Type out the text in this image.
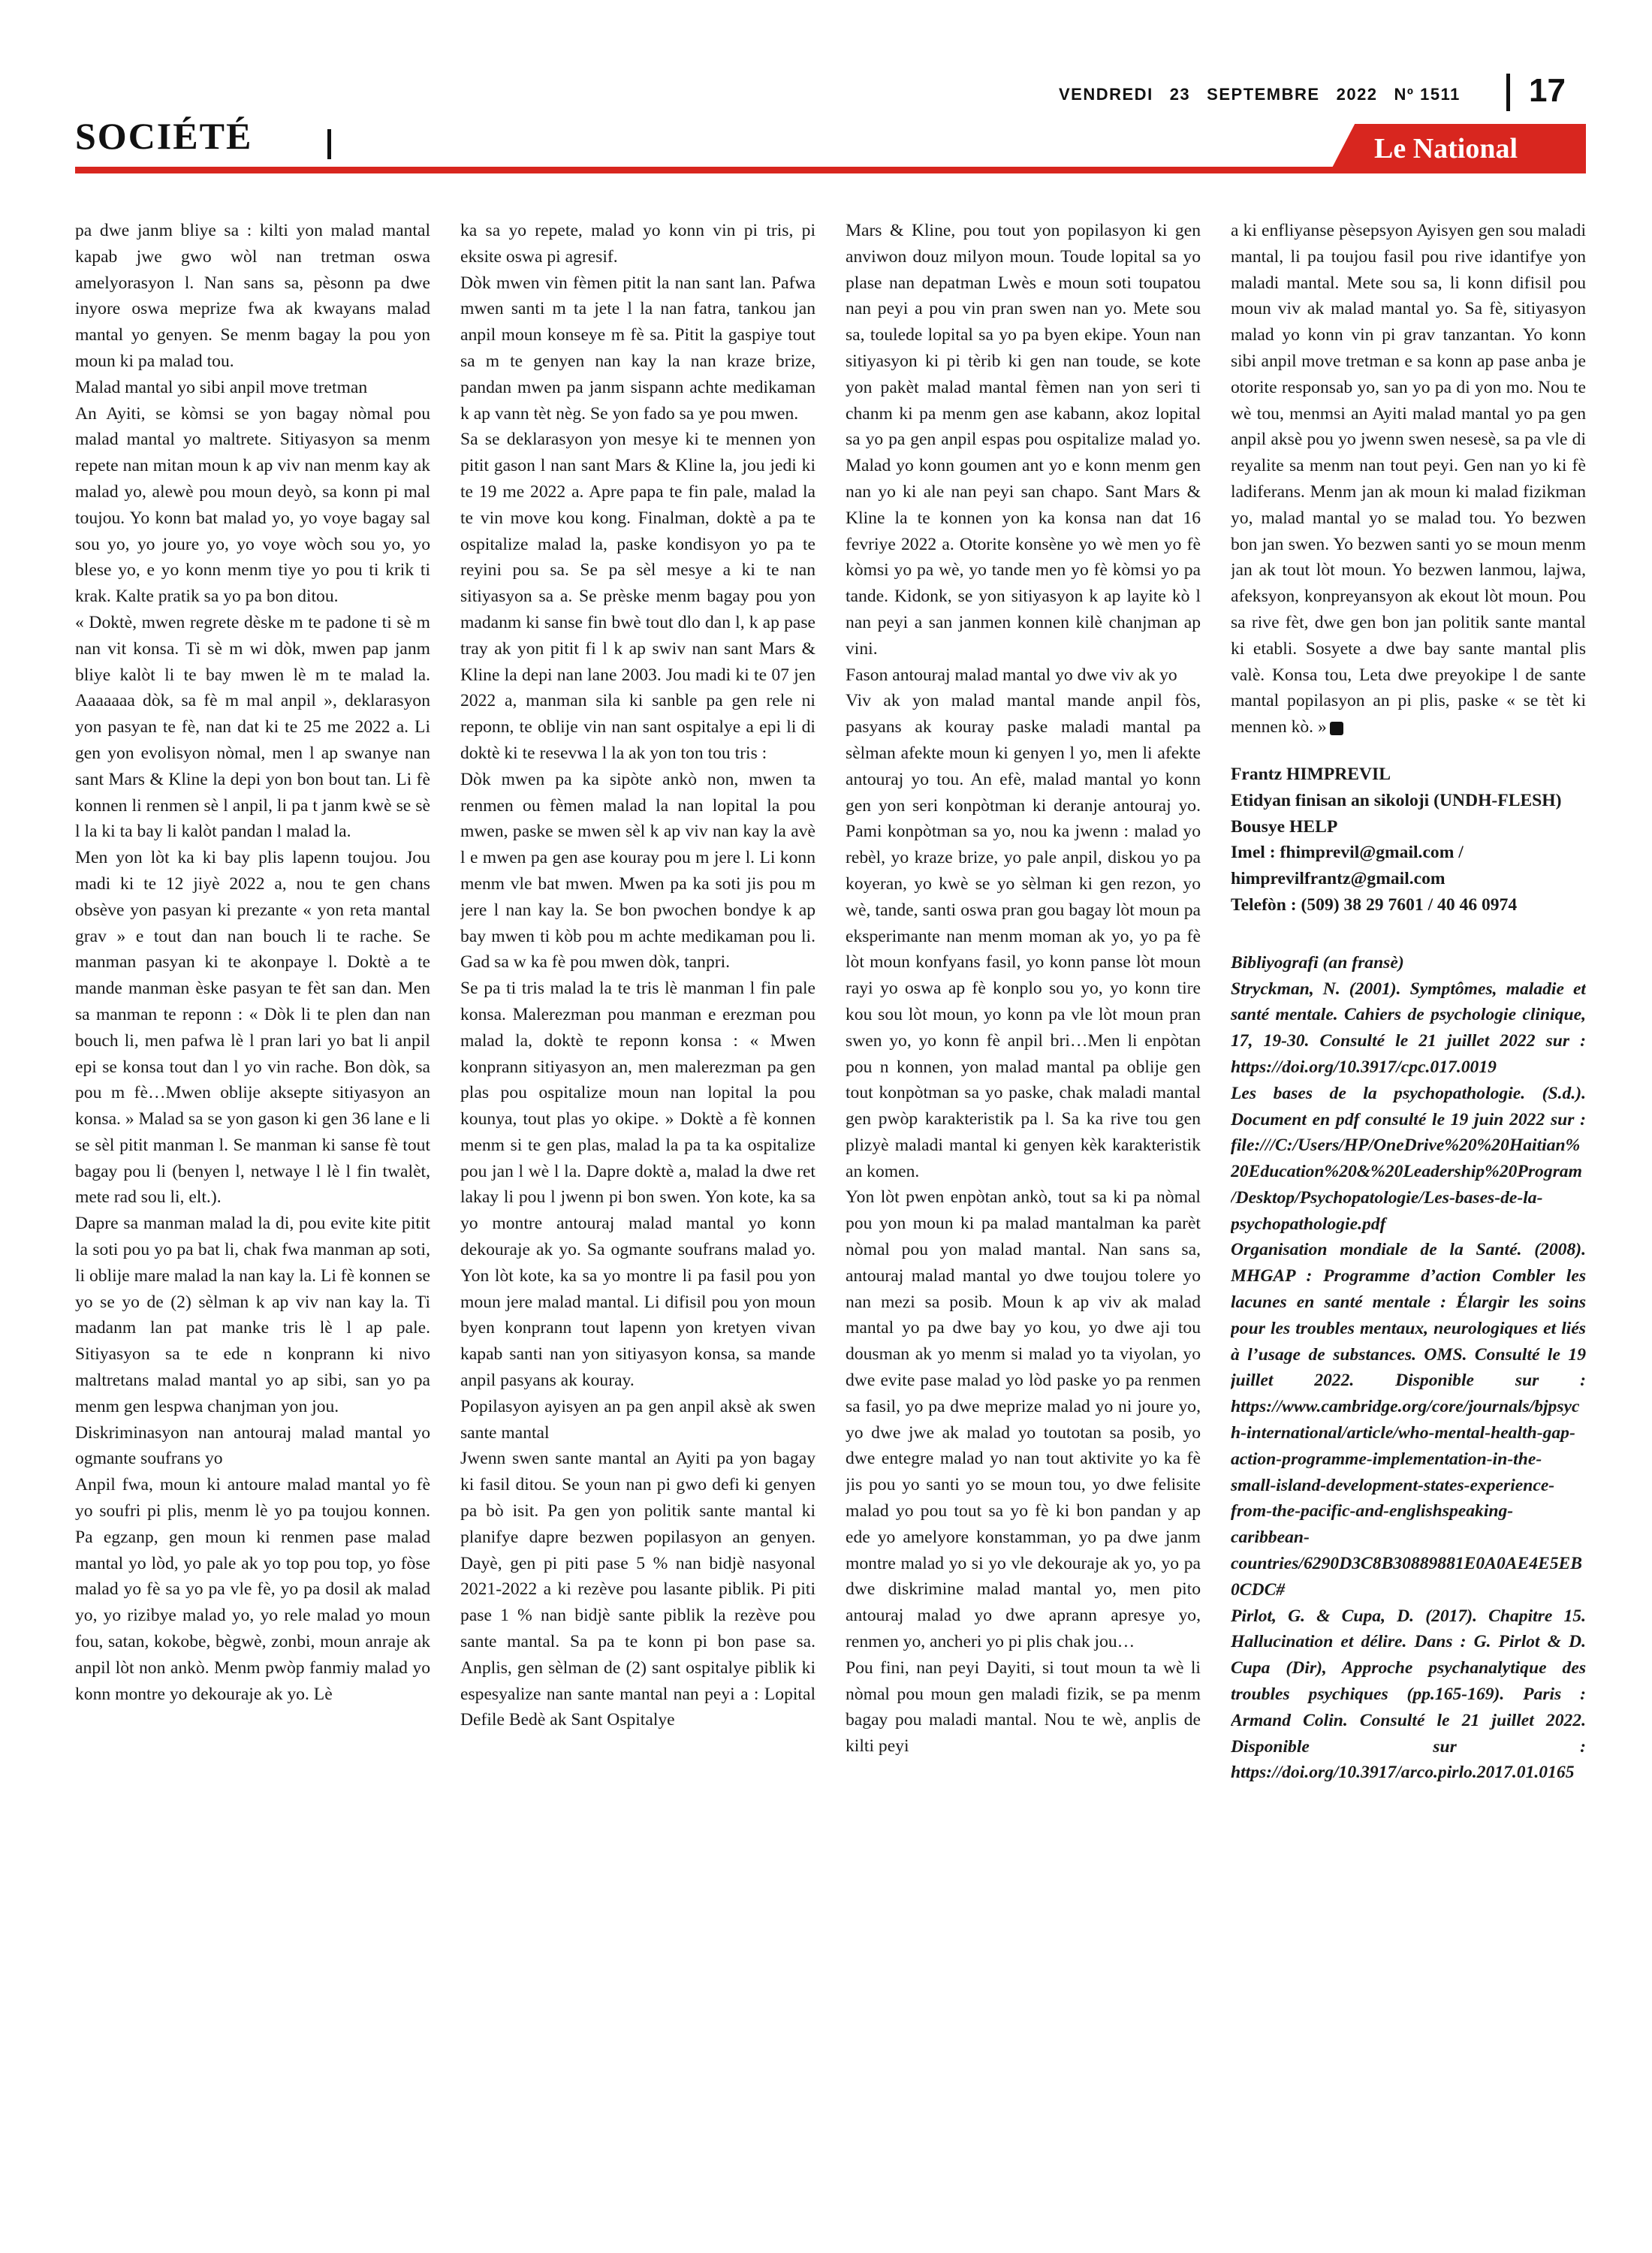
SOCIÉTÉ
VENDREDI 23 SEPTEMBRE 2022 Nº 1511	17
Le National

pa dwe janm bliye sa : kilti yon malad mantal kapab jwe gwo wòl nan tretman oswa amelyorasyon l. Nan sans sa, pèsonn pa dwe inyore oswa meprize fwa ak kwayans malad mantal yo genyen. Se menm bagay la pou yon moun ki pa malad tou.

Malad mantal yo sibi anpil move tretman

An Ayiti, se kòmsi se yon bagay nòmal pou malad mantal yo maltrete. Sitiyasyon sa menm repete nan mitan moun k ap viv nan menm kay ak malad yo, alewè pou moun deyò, sa konn pi mal toujou. Yo konn bat malad yo, yo voye bagay sal sou yo, yo joure yo, yo voye wòch sou yo, yo blese yo, e yo konn menm tiye yo pou ti krik ti krak. Kalte pratik sa yo pa bon ditou.

« Doktè, mwen regrete dèske m te padone ti sè m nan vit konsa. Ti sè m wi dòk, mwen pap janm bliye kalòt li te bay mwen lè m te malad la. Aaaaaaa dòk, sa fè m mal anpil », deklarasyon yon pasyan te fè, nan dat ki te 25 me 2022 a. Li gen yon evolisyon nòmal, men l ap swanye nan sant Mars & Kline la depi yon bon bout tan. Li fè konnen li renmen sè l anpil, li pa t janm kwè se sè l la ki ta bay li kalòt pandan l malad la.

Men yon lòt ka ki bay plis lapenn toujou. Jou madi ki te 12 jiyè 2022 a, nou te gen chans obsève yon pasyan ki prezante « yon reta mantal grav » e tout dan nan bouch li te rache. Se manman pasyan ki te akonpaye l. Doktè a te mande manman èske pasyan te fèt san dan. Men sa manman te reponn : « Dòk li te plen dan nan bouch li, men pafwa lè l pran lari yo bat li anpil epi se konsa tout dan l yo vin rache. Bon dòk, sa pou m fè…Mwen oblije aksepte sitiyasyon an konsa. » Malad sa se yon gason ki gen 36 lane e li se sèl pitit manman l. Se manman ki sanse fè tout bagay pou li (benyen l, netwaye l lè l fin twalèt, mete rad sou li, elt.).

Dapre sa manman malad la di, pou evite kite pitit la soti pou yo pa bat li, chak fwa manman ap soti, li oblije mare malad la nan kay la. Li fè konnen se yo se yo de (2) sèlman k ap viv nan kay la. Ti madanm lan pat manke tris lè l ap pale. Sitiyasyon sa te ede n konprann ki nivo maltretans malad mantal yo ap sibi, san yo pa menm gen lespwa chanjman yon jou.

Diskriminasyon nan antouraj malad mantal yo ogmante soufrans yo

Anpil fwa, moun ki antoure malad mantal yo fè yo soufri pi plis, menm lè yo pa toujou konnen. Pa egzanp, gen moun ki renmen pase malad mantal yo lòd, yo pale ak yo top pou top, yo fòse malad yo fè sa yo pa vle fè, yo pa dosil ak malad yo, yo rizibye malad yo, yo rele malad yo moun fou, satan, kokobe, bègwè, zonbi, moun anraje ak anpil lòt non ankò. Menm pwòp fanmiy malad yo konn montre yo dekouraje ak yo. Lè

ka sa yo repete, malad yo konn vin pi tris, pi eksite oswa pi agresif.

Dòk mwen vin fèmen pitit la nan sant lan. Pafwa mwen santi m ta jete l la nan fatra, tankou jan anpil moun konseye m fè sa. Pitit la gaspiye tout sa m te genyen nan kay la nan kraze brize, pandan mwen pa janm sispann achte medikaman k ap vann tèt nèg. Se yon fado sa ye pou mwen.

Sa se deklarasyon yon mesye ki te mennen yon pitit gason l nan sant Mars & Kline la, jou jedi ki te 19 me 2022 a. Apre papa te fin pale, malad la te vin move kou kong. Finalman, doktè a pa te ospitalize malad la, paske kondisyon yo pa te reyini pou sa. Se pa sèl mesye a ki te nan sitiyasyon sa a. Se prèske menm bagay pou yon madanm ki sanse fin bwè tout dlo dan l, k ap pase tray ak yon pitit fi l k ap swiv nan sant Mars & Kline la depi nan lane 2003. Jou madi ki te 07 jen 2022 a, manman sila ki sanble pa gen rele ni reponn, te oblije vin nan sant ospitalye a epi li di doktè ki te resevwa l la ak yon ton tou tris :

Dòk mwen pa ka sipòte ankò non, mwen ta renmen ou fèmen malad la nan lopital la pou mwen, paske se mwen sèl k ap viv nan kay la avè l e mwen pa gen ase kouray pou m jere l. Li konn menm vle bat mwen. Mwen pa ka soti jis pou m jere l nan kay la. Se bon pwochen bondye k ap bay mwen ti kòb pou m achte medikaman pou li. Gad sa w ka fè pou mwen dòk, tanpri.

Se pa ti tris malad la te tris lè manman l fin pale konsa. Malerezman pou manman e erezman pou malad la, doktè te reponn konsa : « Mwen konprann sitiyasyon an, men malerezman pa gen plas pou ospitalize moun nan lopital la pou kounya, tout plas yo okipe. » Doktè a fè konnen menm si te gen plas, malad la pa ta ka ospitalize pou jan l wè l la. Dapre doktè a, malad la dwe ret lakay li pou l jwenn pi bon swen. Yon kote, ka sa yo montre antouraj malad mantal yo konn dekouraje ak yo. Sa ogmante soufrans malad yo. Yon lòt kote, ka sa yo montre li pa fasil pou yon moun jere malad mantal. Li difisil pou yon moun byen konprann tout lapenn yon kretyen vivan kapab santi nan yon sitiyasyon konsa, sa mande anpil pasyans ak kouray.

Popilasyon ayisyen an pa gen anpil aksè ak swen sante mantal

Jwenn swen sante mantal an Ayiti pa yon bagay ki fasil ditou. Se youn nan pi gwo defi ki genyen pa bò isit. Pa gen yon politik sante mantal ki planifye dapre bezwen popilasyon an genyen. Dayè, gen pi piti pase 5 % nan bidjè nasyonal 2021-2022 a ki rezève pou lasante piblik. Pi piti pase 1 % nan bidjè sante piblik la rezève pou sante mantal. Sa pa te konn pi bon pase sa. Anplis, gen sèlman de (2) sant ospitalye piblik ki espesyalize nan sante mantal nan peyi a : Lopital Defile Bedè ak Sant Ospitalye

Mars & Kline, pou tout yon popilasyon ki gen anviwon douz milyon moun. Toude lopital sa yo plase nan depatman Lwès e moun soti toupatou nan peyi a pou vin pran swen nan yo. Mete sou sa, toulede lopital sa yo pa byen ekipe. Youn nan sitiyasyon ki pi tèrib ki gen nan toude, se kote yon pakèt malad mantal fèmen nan yon seri ti chanm ki pa menm gen ase kabann, akoz lopital sa yo pa gen anpil espas pou ospitalize malad yo. Malad yo konn goumen ant yo e konn menm gen nan yo ki ale nan peyi san chapo. Sant Mars & Kline la te konnen yon ka konsa nan dat 16 fevriye 2022 a. Otorite konsène yo wè men yo fè kòmsi yo pa wè, yo tande men yo fè kòmsi yo pa tande. Kidonk, se yon sitiyasyon k ap layite kò l nan peyi a san janmen konnen kilè chanjman ap vini.

Fason antouraj malad mantal yo dwe viv ak yo

Viv ak yon malad mantal mande anpil fòs, pasyans ak kouray paske maladi mantal pa sèlman afekte moun ki genyen l yo, men li afekte antouraj yo tou. An efè, malad mantal yo konn gen yon seri konpòtman ki deranje antouraj yo. Pami konpòtman sa yo, nou ka jwenn : malad yo rebèl, yo kraze brize, yo pale anpil, diskou yo pa koyeran, yo kwè se yo sèlman ki gen rezon, yo wè, tande, santi oswa pran gou bagay lòt moun pa eksperimante nan menm moman ak yo, yo pa fè lòt moun konfyans fasil, yo konn panse lòt moun rayi yo oswa ap fè konplo sou yo, yo konn tire kou sou lòt moun, yo konn pa vle lòt moun pran swen yo, yo konn fè anpil bri…Men li enpòtan pou n konnen, yon malad mantal pa oblije gen tout konpòtman sa yo paske, chak maladi mantal gen pwòp karakteristik pa l. Sa ka rive tou gen plizyè maladi mantal ki genyen kèk karakteristik an komen.

Yon lòt pwen enpòtan ankò, tout sa ki pa nòmal pou yon moun ki pa malad mantalman ka parèt nòmal pou yon malad mantal. Nan sans sa, antouraj malad mantal yo dwe toujou tolere yo nan mezi sa posib. Moun k ap viv ak malad mantal yo pa dwe bay yo kou, yo dwe aji tou dousman ak yo menm si malad yo ta viyolan, yo dwe evite pase malad yo lòd paske yo pa renmen sa fasil, yo pa dwe meprize malad yo ni joure yo, yo dwe jwe ak malad yo toutotan sa posib, yo dwe entegre malad yo nan tout aktivite yo ka fè jis pou yo santi yo se moun tou, yo dwe felisite malad yo pou tout sa yo fè ki bon pandan y ap ede yo amelyore konstamman, yo pa dwe janm montre malad yo si yo vle dekouraje ak yo, yo pa dwe diskrimine malad mantal yo, men pito antouraj malad yo dwe aprann apresye yo, renmen yo, ancheri yo pi plis chak jou…

Pou fini, nan peyi Dayiti, si tout moun ta wè li nòmal pou moun gen maladi fizik, se pa menm bagay pou maladi mantal. Nou te wè, anplis de kilti peyi

a ki enfliyanse pèsepsyon Ayisyen gen sou maladi mantal, li pa toujou fasil pou rive idantifye yon maladi mantal. Mete sou sa, li konn difisil pou moun viv ak malad mantal yo. Sa fè, sitiyasyon malad yo konn vin pi grav tanzantan. Yo konn sibi anpil move tretman e sa konn ap pase anba je otorite responsab yo, san yo pa di yon mo. Nou te wè tou, menmsi an Ayiti malad mantal yo pa gen anpil aksè pou yo jwenn swen nesesè, sa pa vle di reyalite sa menm nan tout peyi. Gen nan yo ki fè ladiferans. Menm jan ak moun ki malad fizikman yo, malad mantal yo se malad tou. Yo bezwen bon jan swen. Yo bezwen santi yo se moun menm jan ak tout lòt moun. Yo bezwen lanmou, lajwa, afeksyon, konpreyansyon ak ekout lòt moun. Pou sa rive fèt, dwe gen bon jan politik sante mantal ki etabli. Sosyete a dwe bay sante mantal plis valè. Konsa tou, Leta dwe preyokipe l de sante mantal popilasyon an pi plis, paske « se tèt ki mennen kò. »

Frantz HIMPREVIL
Etidyan finisan an sikoloji (UNDH-FLESH)
Bousye HELP
Imel : fhimprevil@gmail.com / himprevilfrantz@gmail.com
Telefòn : (509) 38 29 7601 / 40 46 0974

Bibliyografi (an fransè)

Stryckman, N. (2001). Symptômes, maladie et santé mentale. Cahiers de psychologie clinique, 17, 19-30. Consulté le 21 juillet 2022 sur : https://doi.org/10.3917/cpc.017.0019

Les bases de la psychopathologie. (S.d.). Document en pdf consulté le 19 juin 2022 sur : file:///C:/Users/HP/OneDrive%20%20Haitian%20Education%20&%20Leadership%20Program/Desktop/Psychopatologie/Les-bases-de-la-psychopathologie.pdf

Organisation mondiale de la Santé. (2008). MHGAP : Programme d’action Combler les lacunes en santé mentale : Élargir les soins pour les troubles mentaux, neurologiques et liés à l’usage de substances. OMS. Consulté le 19 juillet 2022. Disponible sur : https://www.cambridge.org/core/journals/bjpsych-international/article/who-mental-health-gap-action-programme-implementation-in-the-small-island-development-states-experience-from-the-pacific-and-englishspeaking-caribbean-countries/6290D3C8B30889881E0A0AE4E5EB0CDC#

Pirlot, G. & Cupa, D. (2017). Chapitre 15. Hallucination et délire. Dans : G. Pirlot & D. Cupa (Dir), Approche psychanalytique des troubles psychiques (pp.165-169). Paris : Armand Colin. Consulté le 21 juillet 2022. Disponible sur : https://doi.org/10.3917/arco.pirlo.2017.01.0165
